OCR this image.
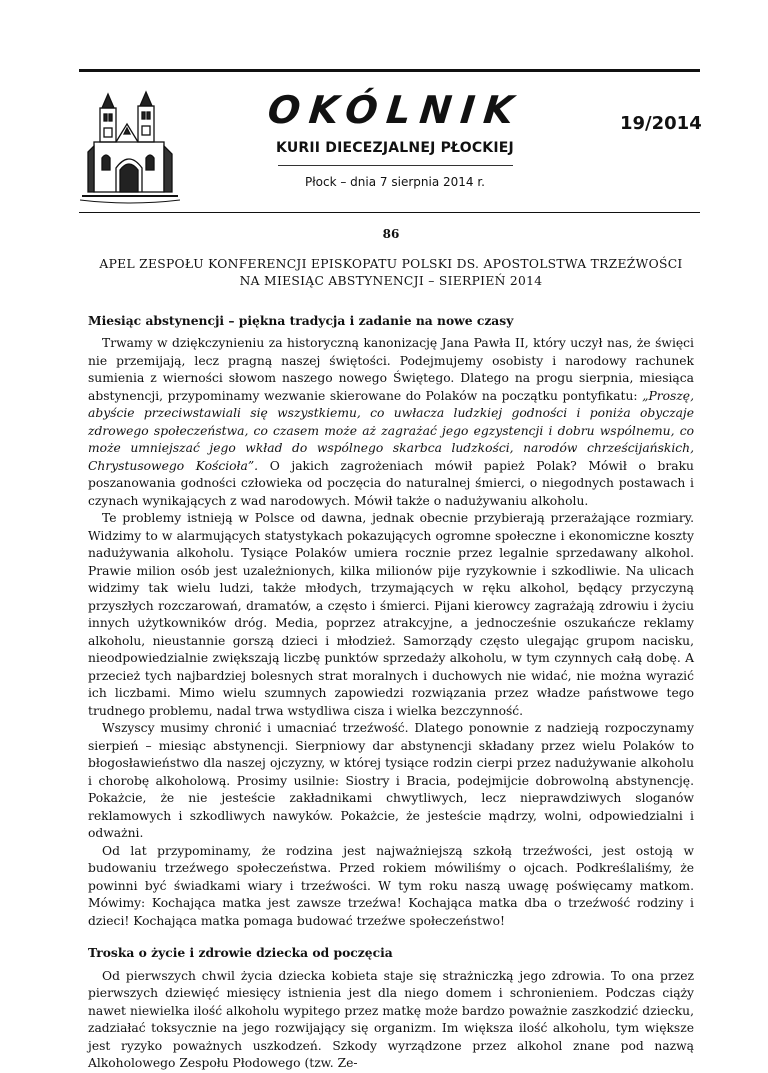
OKÓLNIK
KURII DIECEZJALNEJ PŁOCKIEJ
Płock – dnia 7 sierpnia 2014 r.
19/2014
86
APEL ZESPOŁU KONFERENCJI EPISKOPATU POLSKI DS. APOSTOLSTWA TRZEŹWOŚCI
NA MIESIĄC ABSTYNENCJI – SIERPIEŃ 2014
Miesiąc abstynencji – piękna tradycja i zadanie na nowe czasy

Trwamy w dziękczynieniu za historyczną kanonizację Jana Pawła II, który uczył nas, że święci nie przemijają, lecz pragną naszej świętości. Podejmujemy osobisty i narodowy rachunek sumienia z wierności słowom naszego nowego Świętego. Dlatego na progu sierpnia, miesiąca abstynencji, przypominamy wezwanie skierowane do Polaków na początku pontyfikatu: „Proszę, abyście przeciwstawiali się wszystkiemu, co uwłacza ludzkiej godności i poniża obyczaje zdrowego społeczeństwa, co czasem może aż zagrażać jego egzystencji i dobru wspólnemu, co może umniejszać jego wkład do wspólnego skarbca ludzkości, narodów chrześcijańskich, Chrystusowego Kościoła”. O jakich zagrożeniach mówił papież Polak? Mówił o braku poszanowania godności człowieka od poczęcia do naturalnej śmierci, o niegodnych postawach i czynach wynikających z wad narodowych. Mówił także o nadużywaniu alkoholu.

Te problemy istnieją w Polsce od dawna, jednak obecnie przybierają przerażające rozmiary. Widzimy to w alarmujących statystykach pokazujących ogromne społeczne i ekonomiczne koszty nadużywania alkoholu. Tysiące Polaków umiera rocznie przez legalnie sprzedawany alkohol. Prawie milion osób jest uzależnionych, kilka milionów pije ryzykownie i szkodliwie. Na ulicach widzimy tak wielu ludzi, także młodych, trzymających w ręku alkohol, będący przyczyną przyszłych rozczarowań, dramatów, a często i śmierci. Pijani kierowcy zagrażają zdrowiu i życiu innych użytkowników dróg. Media, poprzez atrakcyjne, a jednocześnie oszukańcze reklamy alkoholu, nieustannie gorszą dzieci i młodzież. Samorządy często ulegając grupom nacisku, nieodpowiedzialnie zwiększają liczbę punktów sprzedaży alkoholu, w tym czynnych całą dobę. A przecież tych najbardziej bolesnych strat moralnych i duchowych nie widać, nie można wyrazić ich liczbami. Mimo wielu szumnych zapowiedzi rozwiązania przez władze państwowe tego trudnego problemu, nadal trwa wstydliwa cisza i wielka bezczynność.

Wszyscy musimy chronić i umacniać trzeźwość. Dlatego ponownie z nadzieją rozpoczynamy sierpień – miesiąc abstynencji. Sierpniowy dar abstynencji składany przez wielu Polaków to błogosławieństwo dla naszej ojczyzny, w której tysiące rodzin cierpi przez nadużywanie alkoholu i chorobę alkoholową. Prosimy usilnie: Siostry i Bracia, podejmijcie dobrowolną abstynencję. Pokażcie, że nie jesteście zakładnikami chwytliwych, lecz nieprawdziwych sloganów reklamowych i szkodliwych nawyków. Pokażcie, że jesteście mądrzy, wolni, odpowiedzialni i odważni.

Od lat przypominamy, że rodzina jest najważniejszą szkołą trzeźwości, jest ostoją w budowaniu trzeźwego społeczeństwa. Przed rokiem mówiliśmy o ojcach. Podkreślaliśmy, że powinni być świadkami wiary i trzeźwości. W tym roku naszą uwagę poświęcamy matkom. Mówimy: Kochająca matka jest zawsze trzeźwa! Kochająca matka dba o trzeźwość rodziny i dzieci! Kochająca matka pomaga budować trzeźwe społeczeństwo!

Troska o życie i zdrowie dziecka od poczęcia

Od pierwszych chwil życia dziecka kobieta staje się strażniczką jego zdrowia. To ona przez pierwszych dziewięć miesięcy istnienia jest dla niego domem i schronieniem. Podczas ciąży nawet niewielka ilość alkoholu wypitego przez matkę może bardzo poważnie zaszkodzić dziecku, zadziałać toksycznie na jego rozwijający się organizm. Im większa ilość alkoholu, tym większe jest ryzyko poważnych uszkodzeń. Szkody wyrządzone przez alkohol znane pod nazwą Alkoholowego Zespołu Płodowego (tzw. Ze-
